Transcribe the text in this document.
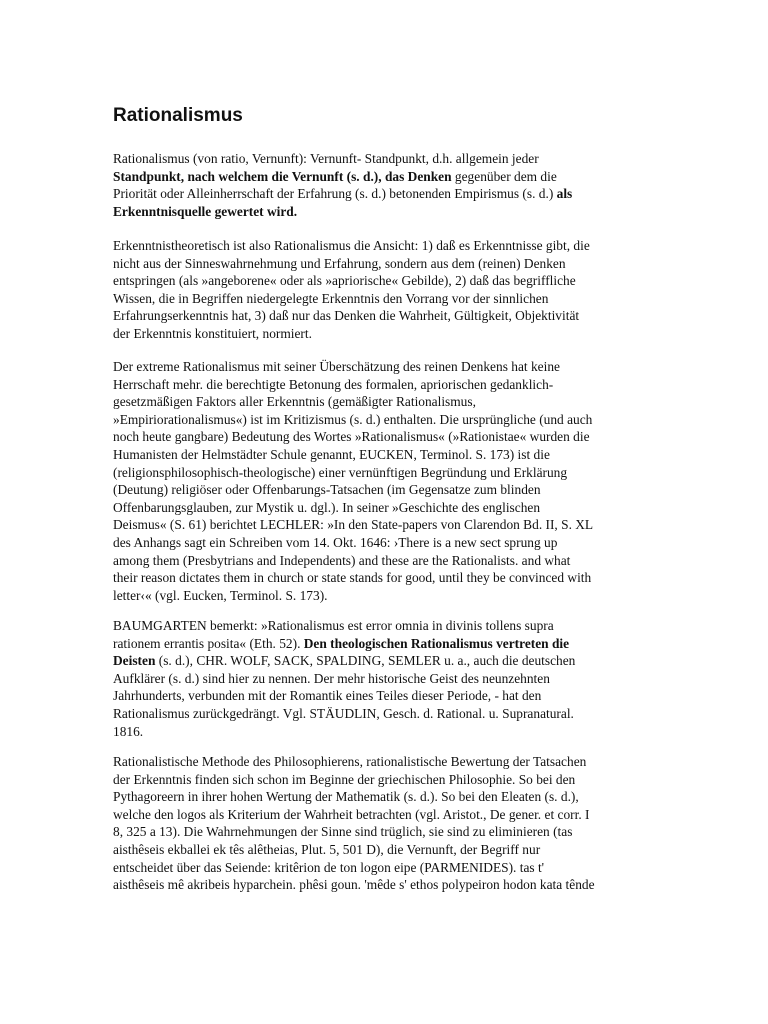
Rationalismus

Rationalismus (von ratio, Vernunft): Vernunft- Standpunkt, d.h. allgemein jeder
Standpunkt, nach welchem die Vernunft (s. d.), das Denken gegenüber dem die
Priorität oder Alleinherrschaft der Erfahrung (s. d.) betonenden Empirismus (s. d.) als
Erkenntnisquelle gewertet wird.

Erkenntnistheoretisch ist also Rationalismus die Ansicht: 1) daß es Erkenntnisse gibt, die
nicht aus der Sinneswahrnehmung und Erfahrung, sondern aus dem (reinen) Denken
entspringen (als »angeborene« oder als »apriorische« Gebilde), 2) daß das begriffliche
Wissen, die in Begriffen niedergelegte Erkenntnis den Vorrang vor der sinnlichen
Erfahrungserkenntnis hat, 3) daß nur das Denken die Wahrheit, Gültigkeit, Objektivität
der Erkenntnis konstituiert, normiert.

Der extreme Rationalismus mit seiner Überschätzung des reinen Denkens hat keine
Herrschaft mehr. die berechtigte Betonung des formalen, apriorischen gedanklich-
gesetzmäßigen Faktors aller Erkenntnis (gemäßigter Rationalismus,
»Empiriorationalismus«) ist im Kritizismus (s. d.) enthalten. Die ursprüngliche (und auch
noch heute gangbare) Bedeutung des Wortes »Rationalismus« (»Rationistae« wurden die
Humanisten der Helmstädter Schule genannt, EUCKEN, Terminol. S. 173) ist die
(religionsphilosophisch-theologische) einer vernünftigen Begründung und Erklärung
(Deutung) religiöser oder Offenbarungs-Tatsachen (im Gegensatze zum blinden
Offenbarungsglauben, zur Mystik u. dgl.). In seiner »Geschichte des englischen
Deismus« (S. 61) berichtet LECHLER: »In den State-papers von Clarendon Bd. II, S. XL
des Anhangs sagt ein Schreiben vom 14. Okt. 1646: ›There is a new sect sprung up
among them (Presbytrians and Independents) and these are the Rationalists. and what
their reason dictates them in church or state stands for good, until they be convinced with
letter‹« (vgl. Eucken, Terminol. S. 173).

BAUMGARTEN bemerkt: »Rationalismus est error omnia in divinis tollens supra
rationem errantis posita« (Eth. 52). Den theologischen Rationalismus vertreten die
Deisten (s. d.), CHR. WOLF, SACK, SPALDING, SEMLER u. a., auch die deutschen
Aufklärer (s. d.) sind hier zu nennen. Der mehr historische Geist des neunzehnten
Jahrhunderts, verbunden mit der Romantik eines Teiles dieser Periode, - hat den
Rationalismus zurückgedrängt. Vgl. STÄUDLIN, Gesch. d. Rational. u. Supranatural.
1816.

Rationalistische Methode des Philosophierens, rationalistische Bewertung der Tatsachen
der Erkenntnis finden sich schon im Beginne der griechischen Philosophie. So bei den
Pythagoreern in ihrer hohen Wertung der Mathematik (s. d.). So bei den Eleaten (s. d.),
welche den logos als Kriterium der Wahrheit betrachten (vgl. Aristot., De gener. et corr. I
8, 325 a 13). Die Wahrnehmungen der Sinne sind trüglich, sie sind zu eliminieren (tas
aisthêseis ekballei ek tês alêtheias, Plut. 5, 501 D), die Vernunft, der Begriff nur
entscheidet über das Seiende: kritêrion de ton logon eipe (PARMENIDES). tas t'
aisthêseis mê akribeis hyparchein. phêsi goun. 'mêde s' ethos polypeiron hodon kata tênde
